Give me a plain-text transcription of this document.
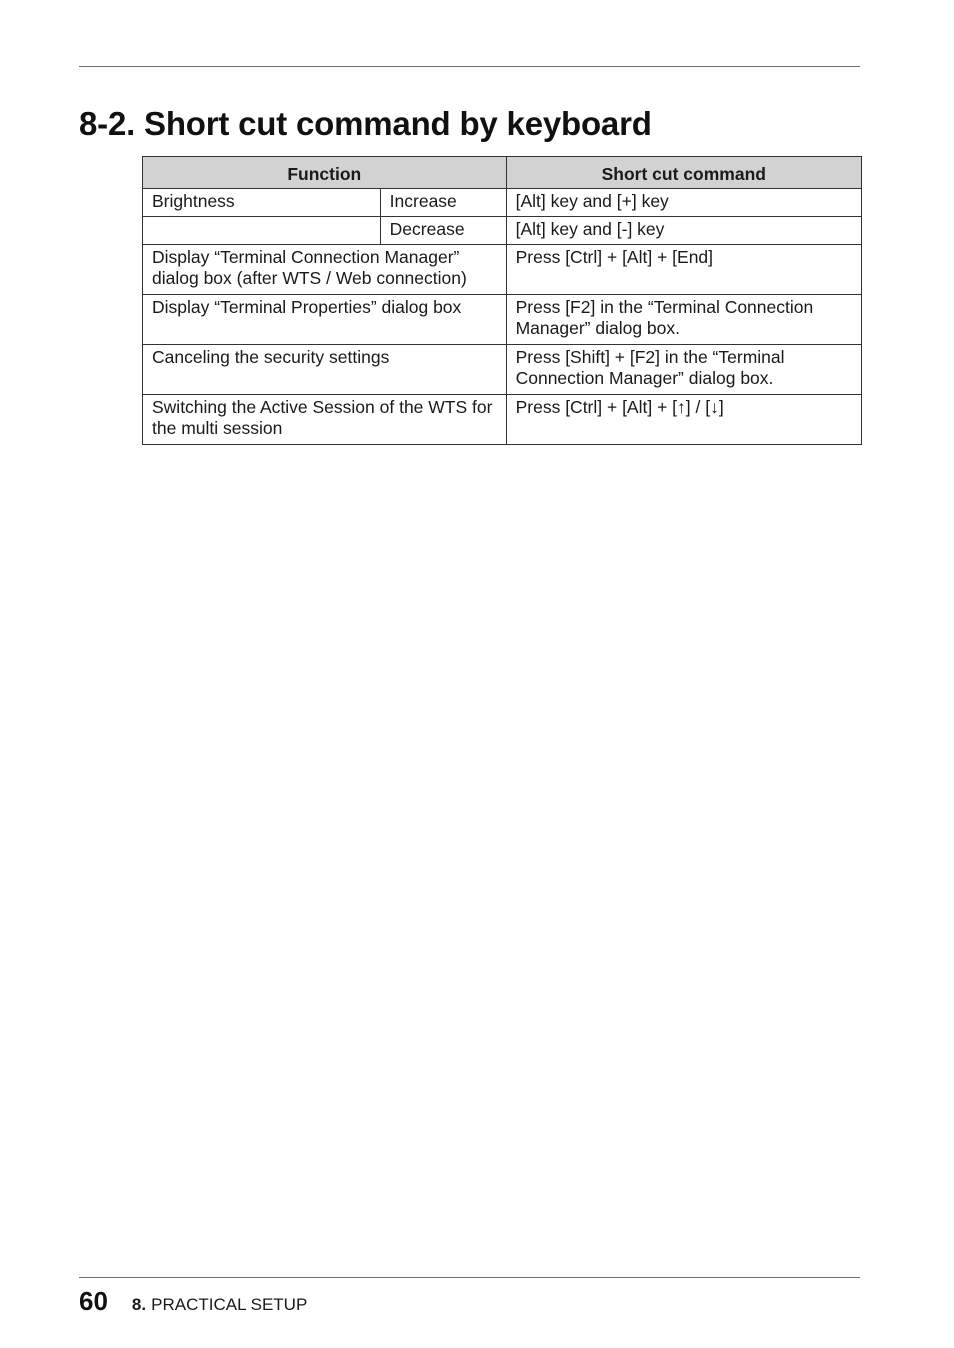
8-2. Short cut command by keyboard
Function		Short cut command
Brightness	Increase	[Alt] key and [+] key
	Decrease	[Alt] key and [-] key
Display “Terminal Connection Manager” dialog box (after WTS / Web connection)		Press [Ctrl] + [Alt] + [End]
Display “Terminal Properties” dialog box		Press [F2] in the “Terminal Connection Manager” dialog box.
Canceling the security settings		Press [Shift] + [F2] in the “Terminal Connection Manager” dialog box.
Switching the Active Session of the WTS for the multi session		Press [Ctrl] + [Alt] + [↑] / [↓]
60 8. PRACTICAL SETUP
